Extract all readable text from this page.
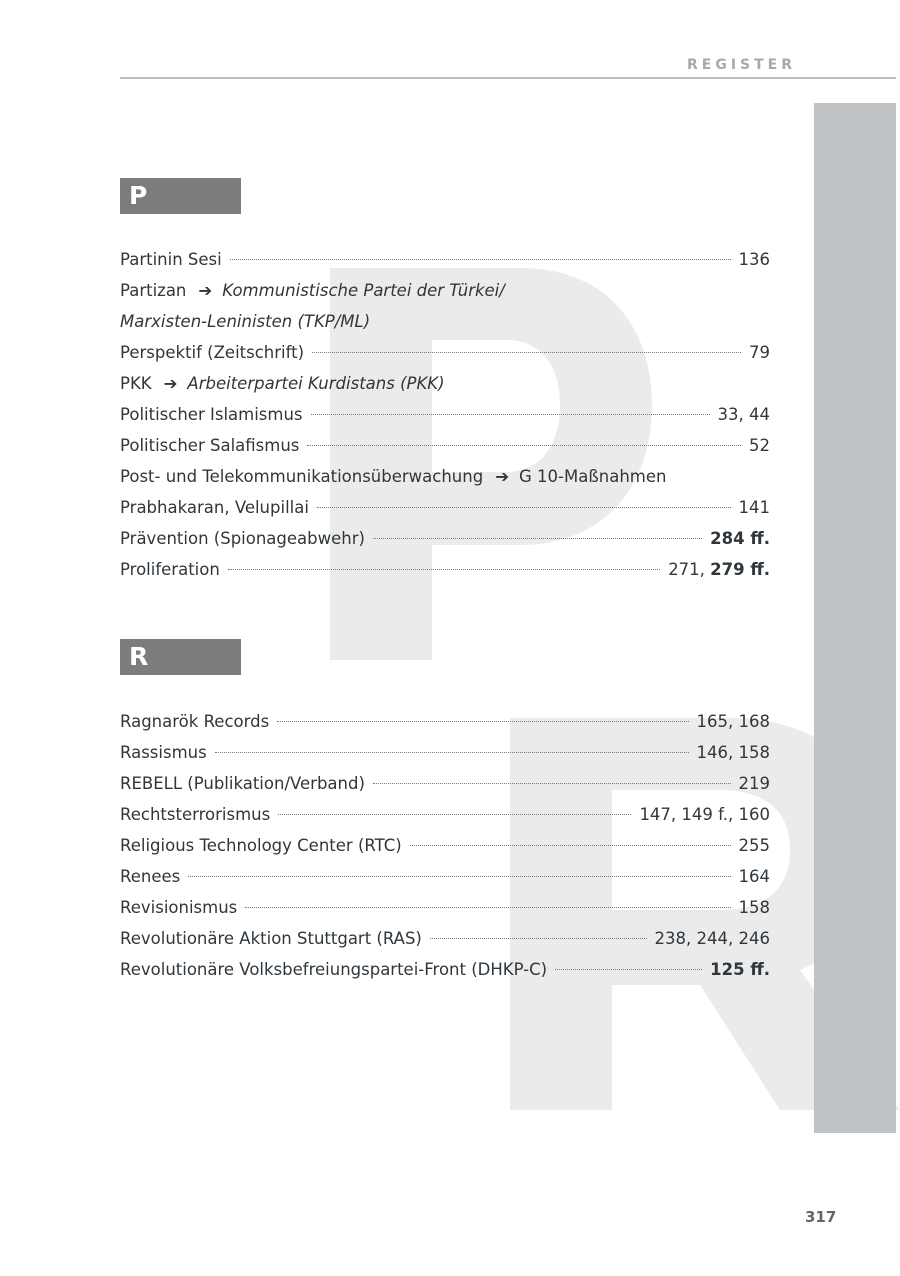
REGISTER
P
Partinin Sesi	136
Partizan ➔ Kommunistische Partei der Türkei/
Marxisten-Leninisten (TKP/ML)
Perspektif (Zeitschrift)	79
PKK ➔ Arbeiterpartei Kurdistans (PKK)
Politischer Islamismus	33, 44
Politischer Salafismus	52
Post- und Telekommunikationsüberwachung ➔ G 10-Maßnahmen
Prabhakaran, Velupillai	141
Prävention (Spionageabwehr)	284 ff.
Proliferation	271, 279 ff.
R
Ragnarök Records	165, 168
Rassismus	146, 158
REBELL (Publikation/Verband)	219
Rechtsterrorismus	147, 149 f., 160
Religious Technology Center (RTC)	255
Renees	164
Revisionismus	158
Revolutionäre Aktion Stuttgart (RAS)	238, 244, 246
Revolutionäre Volksbefreiungspartei-Front (DHKP-C)	125 ff.
317
